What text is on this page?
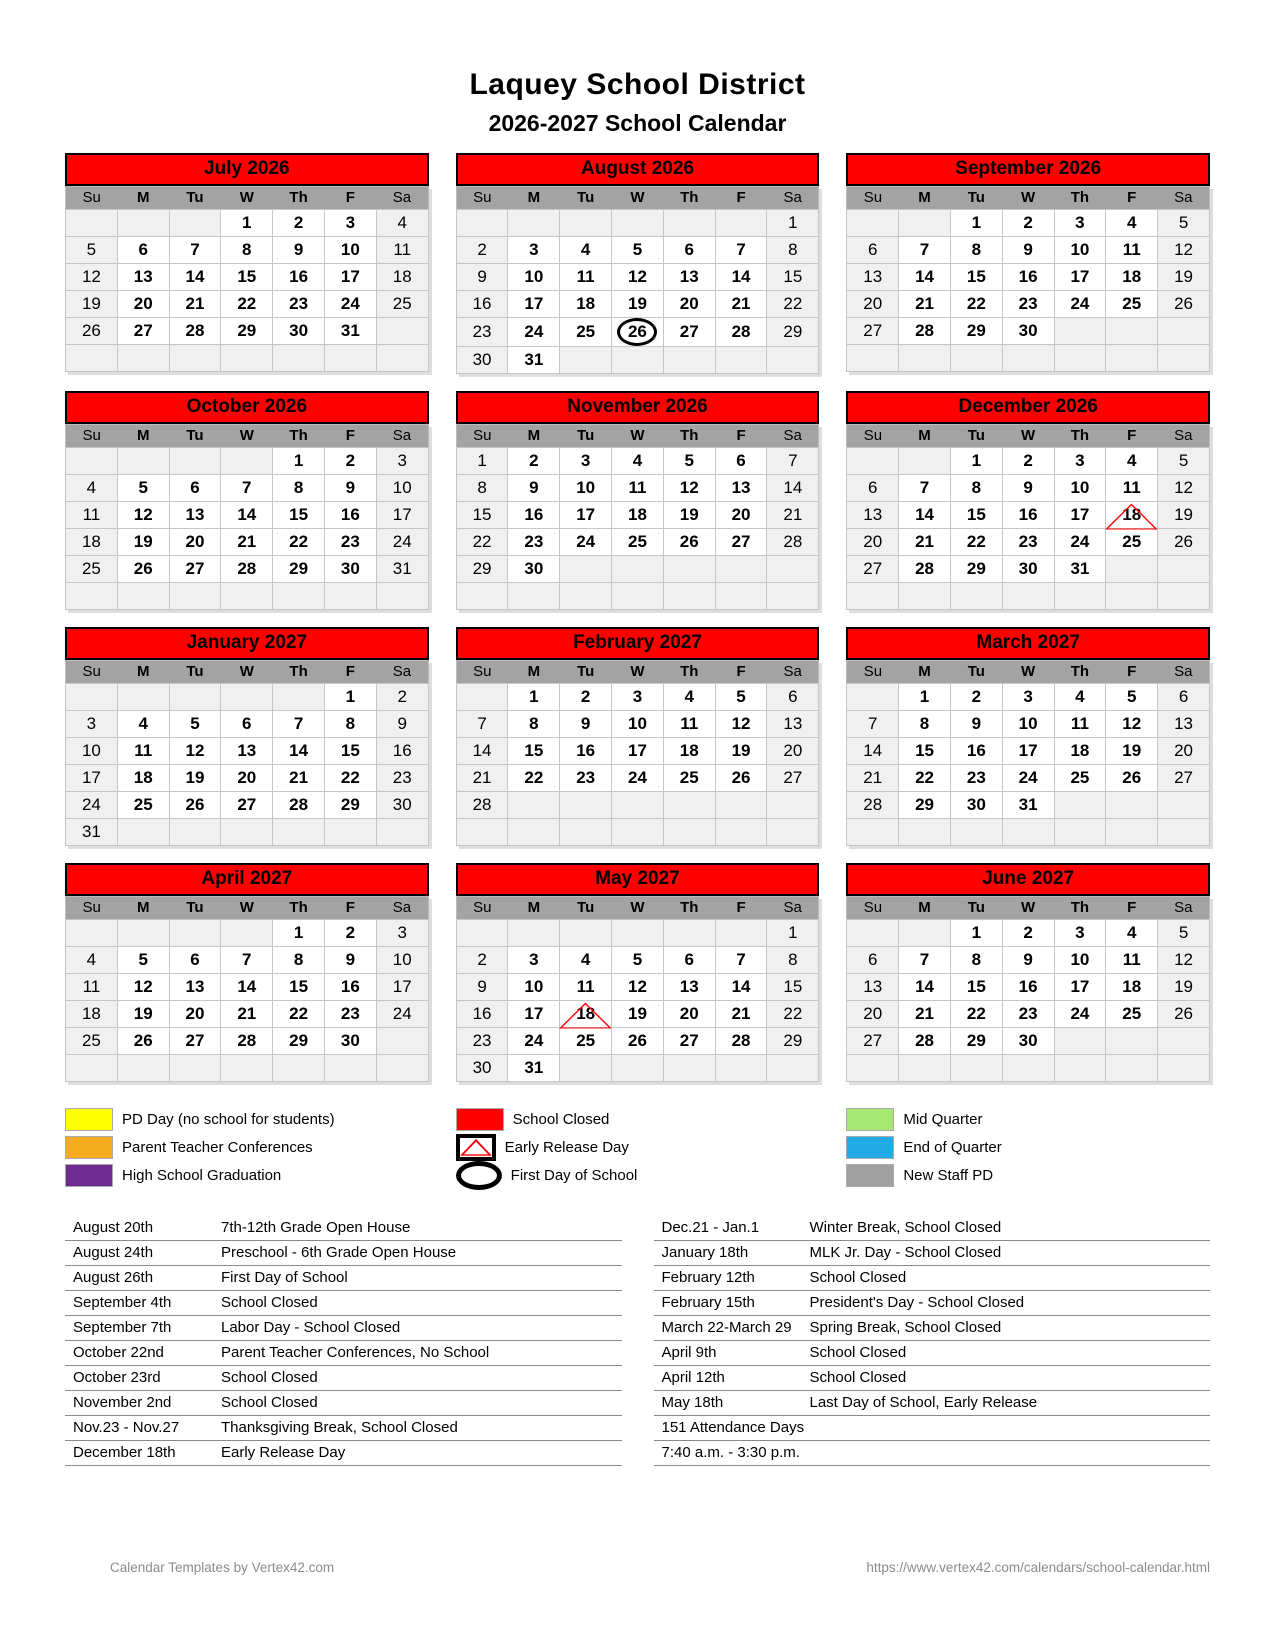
Laquey School District
2026-2027 School Calendar
July 2026
Su	M	Tu	W	Th	F	Sa
			1	2	3	4
5	6	7	8	9	10	11
12	13	14	15	16	17	18
19	20	21	22	23	24	25
26	27	28	29	30	31	

August 2026
Su	M	Tu	W	Th	F	Sa
						1
2	3	4	5	6	7	8
9	10	11	12	13	14	15
16	17	18	19	20	21	22
23	24	25	26	27	28	29
30	31					
September 2026
Su	M	Tu	W	Th	F	Sa
		1	2	3	4	5
6	7	8	9	10	11	12
13	14	15	16	17	18	19
20	21	22	23	24	25	26
27	28	29	30			

October 2026
Su	M	Tu	W	Th	F	Sa
				1	2	3
4	5	6	7	8	9	10
11	12	13	14	15	16	17
18	19	20	21	22	23	24
25	26	27	28	29	30	31

November 2026
Su	M	Tu	W	Th	F	Sa
1	2	3	4	5	6	7
8	9	10	11	12	13	14
15	16	17	18	19	20	21
22	23	24	25	26	27	28
29	30					

December 2026
Su	M	Tu	W	Th	F	Sa
		1	2	3	4	5
6	7	8	9	10	11	12
13	14	15	16	17	18	19
20	21	22	23	24	25	26
27	28	29	30	31		

January 2027
Su	M	Tu	W	Th	F	Sa
					1	2
3	4	5	6	7	8	9
10	11	12	13	14	15	16
17	18	19	20	21	22	23
24	25	26	27	28	29	30
31						
February 2027
Su	M	Tu	W	Th	F	Sa
	1	2	3	4	5	6
7	8	9	10	11	12	13
14	15	16	17	18	19	20
21	22	23	24	25	26	27
28						

March 2027
Su	M	Tu	W	Th	F	Sa
	1	2	3	4	5	6
7	8	9	10	11	12	13
14	15	16	17	18	19	20
21	22	23	24	25	26	27
28	29	30	31			

April 2027
Su	M	Tu	W	Th	F	Sa
				1	2	3
4	5	6	7	8	9	10
11	12	13	14	15	16	17
18	19	20	21	22	23	24
25	26	27	28	29	30	

May 2027
Su	M	Tu	W	Th	F	Sa
						1
2	3	4	5	6	7	8
9	10	11	12	13	14	15
16	17	18	19	20	21	22
23	24	25	26	27	28	29
30	31					
June 2027
Su	M	Tu	W	Th	F	Sa
		1	2	3	4	5
6	7	8	9	10	11	12
13	14	15	16	17	18	19
20	21	22	23	24	25	26
27	28	29	30			

PD Day (no school for students)
Parent Teacher Conferences
High School Graduation
School Closed
Early Release Day
First Day of School
Mid Quarter
End of Quarter
New Staff PD
August 20th	7th-12th Grade Open House
August 24th	Preschool - 6th Grade Open House
August 26th	First Day of School
September 4th	School Closed
September 7th	Labor Day - School Closed
October 22nd	Parent Teacher Conferences, No School
October 23rd	School Closed
November 2nd	School Closed
Nov.23 - Nov.27	Thanksgiving Break, School Closed
December 18th	Early Release Day
Dec.21 - Jan.1	Winter Break, School Closed
January 18th	MLK Jr. Day - School Closed
February 12th	School Closed
February 15th	President's Day - School Closed
March 22-March 29	Spring Break, School Closed
April 9th	School Closed
April 12th	School Closed
May 18th	Last Day of School, Early Release
151 Attendance Days
7:40 a.m. - 3:30 p.m.
Calendar Templates by Vertex42.com	https://www.vertex42.com/calendars/school-calendar.html
